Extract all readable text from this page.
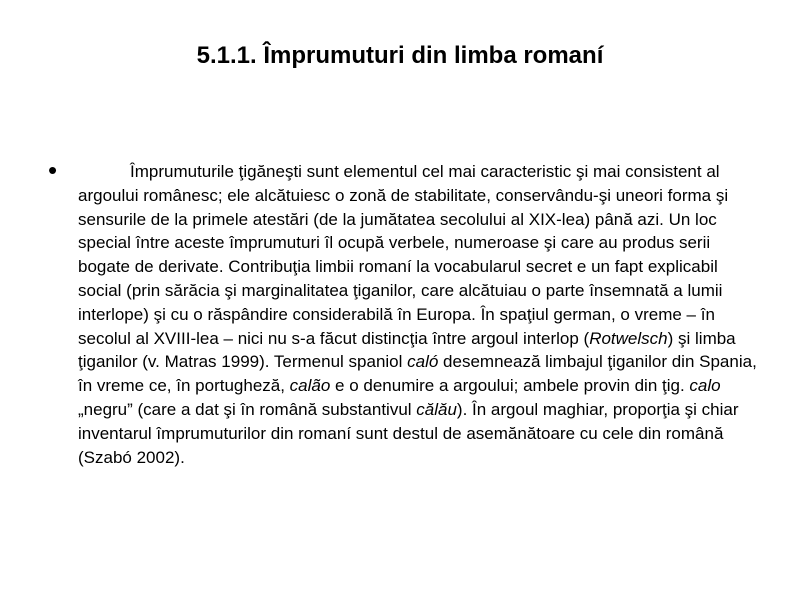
5.1.1. Împrumuturi din limba romaní
•	Împrumuturile ţigăneşti sunt elementul cel mai caracteristic şi mai consistent al argoului românesc; ele alcătuiesc o zonă de stabilitate, conservându-şi uneori forma şi sensurile de la primele atestări (de la jumătatea secolului al XIX-lea) până azi. Un loc special între aceste împrumuturi îl ocupă verbele, numeroase şi care au produs serii bogate de derivate. Contribuţia limbii romaní la vocabularul secret e un fapt explicabil social (prin sărăcia şi marginalitatea ţiganilor, care alcătuiau o parte însemnată a lumii interlope) şi cu o răspândire considerabilă în Europa. În spaţiul german, o vreme – în secolul al XVIII-lea – nici nu s-a făcut distincţia între argoul interlop (Rotwelsch) şi limba ţiganilor (v. Matras 1999). Termenul spaniol caló desemnează limbajul ţiganilor din Spania, în vreme ce, în portugheză, calão e o denumire a argoului; ambele provin din ţig. calo „negru” (care a dat şi în română substantivul călău). În argoul maghiar, proporţia şi chiar inventarul împrumuturilor din romaní sunt destul de asemănătoare cu cele din română (Szabó 2002).
